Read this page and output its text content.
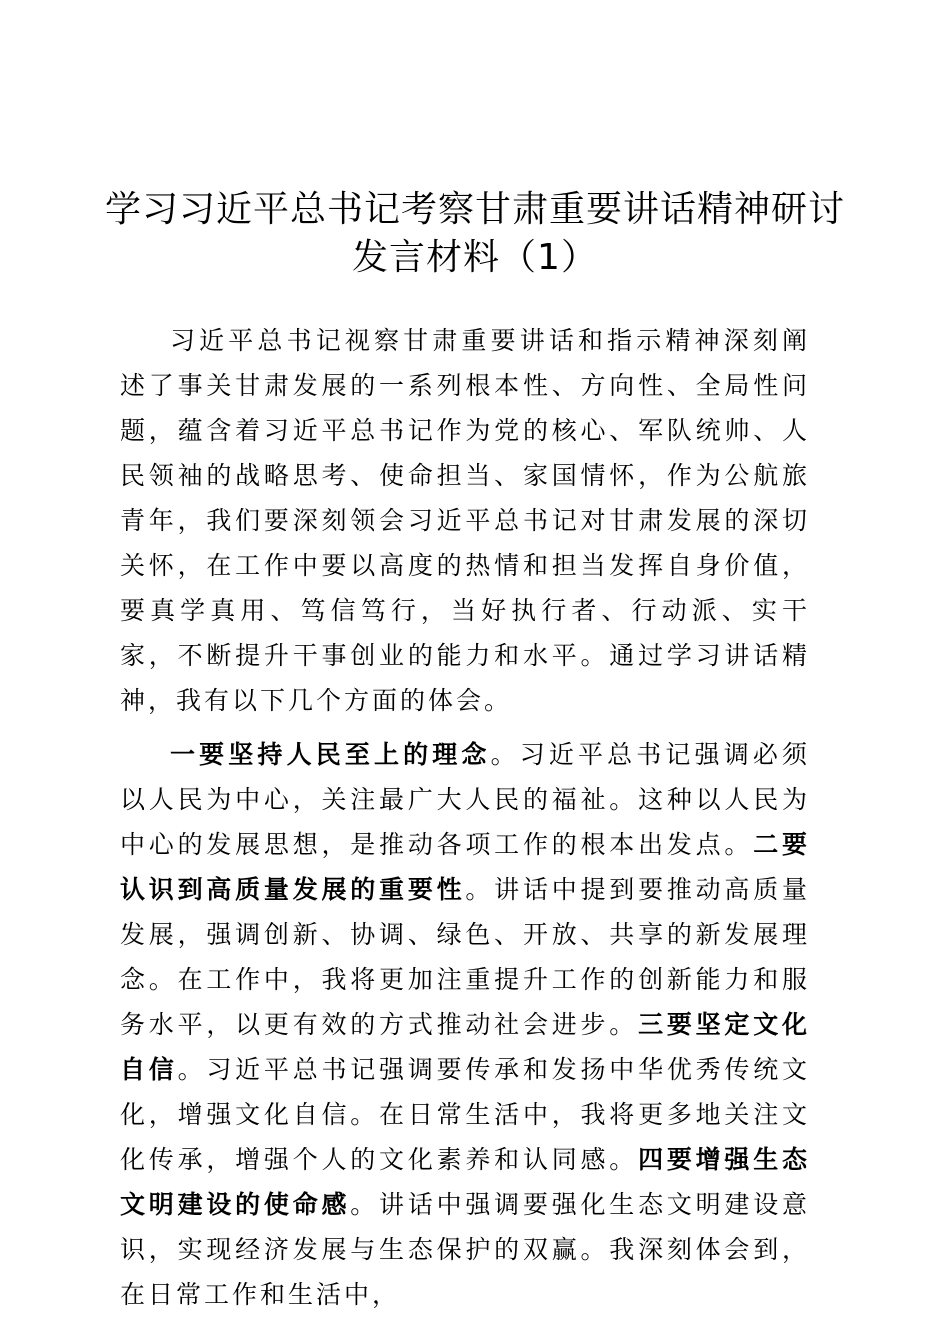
学习习近平总书记考察甘肃重要讲话精神研讨
发言材料（1）

习近平总书记视察甘肃重要讲话和指示精神深刻阐述了事关甘肃发展的一系列根本性、方向性、全局性问题，蕴含着习近平总书记作为党的核心、军队统帅、人民领袖的战略思考、使命担当、家国情怀，作为公航旅青年，我们要深刻领会习近平总书记对甘肃发展的深切关怀，在工作中要以高度的热情和担当发挥自身价值，要真学真用、笃信笃行，当好执行者、行动派、实干家，不断提升干事创业的能力和水平。通过学习讲话精神，我有以下几个方面的体会。

一要坚持人民至上的理念。习近平总书记强调必须以人民为中心，关注最广大人民的福祉。这种以人民为中心的发展思想，是推动各项工作的根本出发点。二要认识到高质量发展的重要性。讲话中提到要推动高质量发展，强调创新、协调、绿色、开放、共享的新发展理念。在工作中，我将更加注重提升工作的创新能力和服务水平，以更有效的方式推动社会进步。三要坚定文化自信。习近平总书记强调要传承和发扬中华优秀传统文化，增强文化自信。在日常生活中，我将更多地关注文化传承，增强个人的文化素养和认同感。四要增强生态文明建设的使命感。讲话中强调要强化生态文明建设意识，实现经济发展与生态保护的双赢。我深刻体会到，在日常工作和生活中，
